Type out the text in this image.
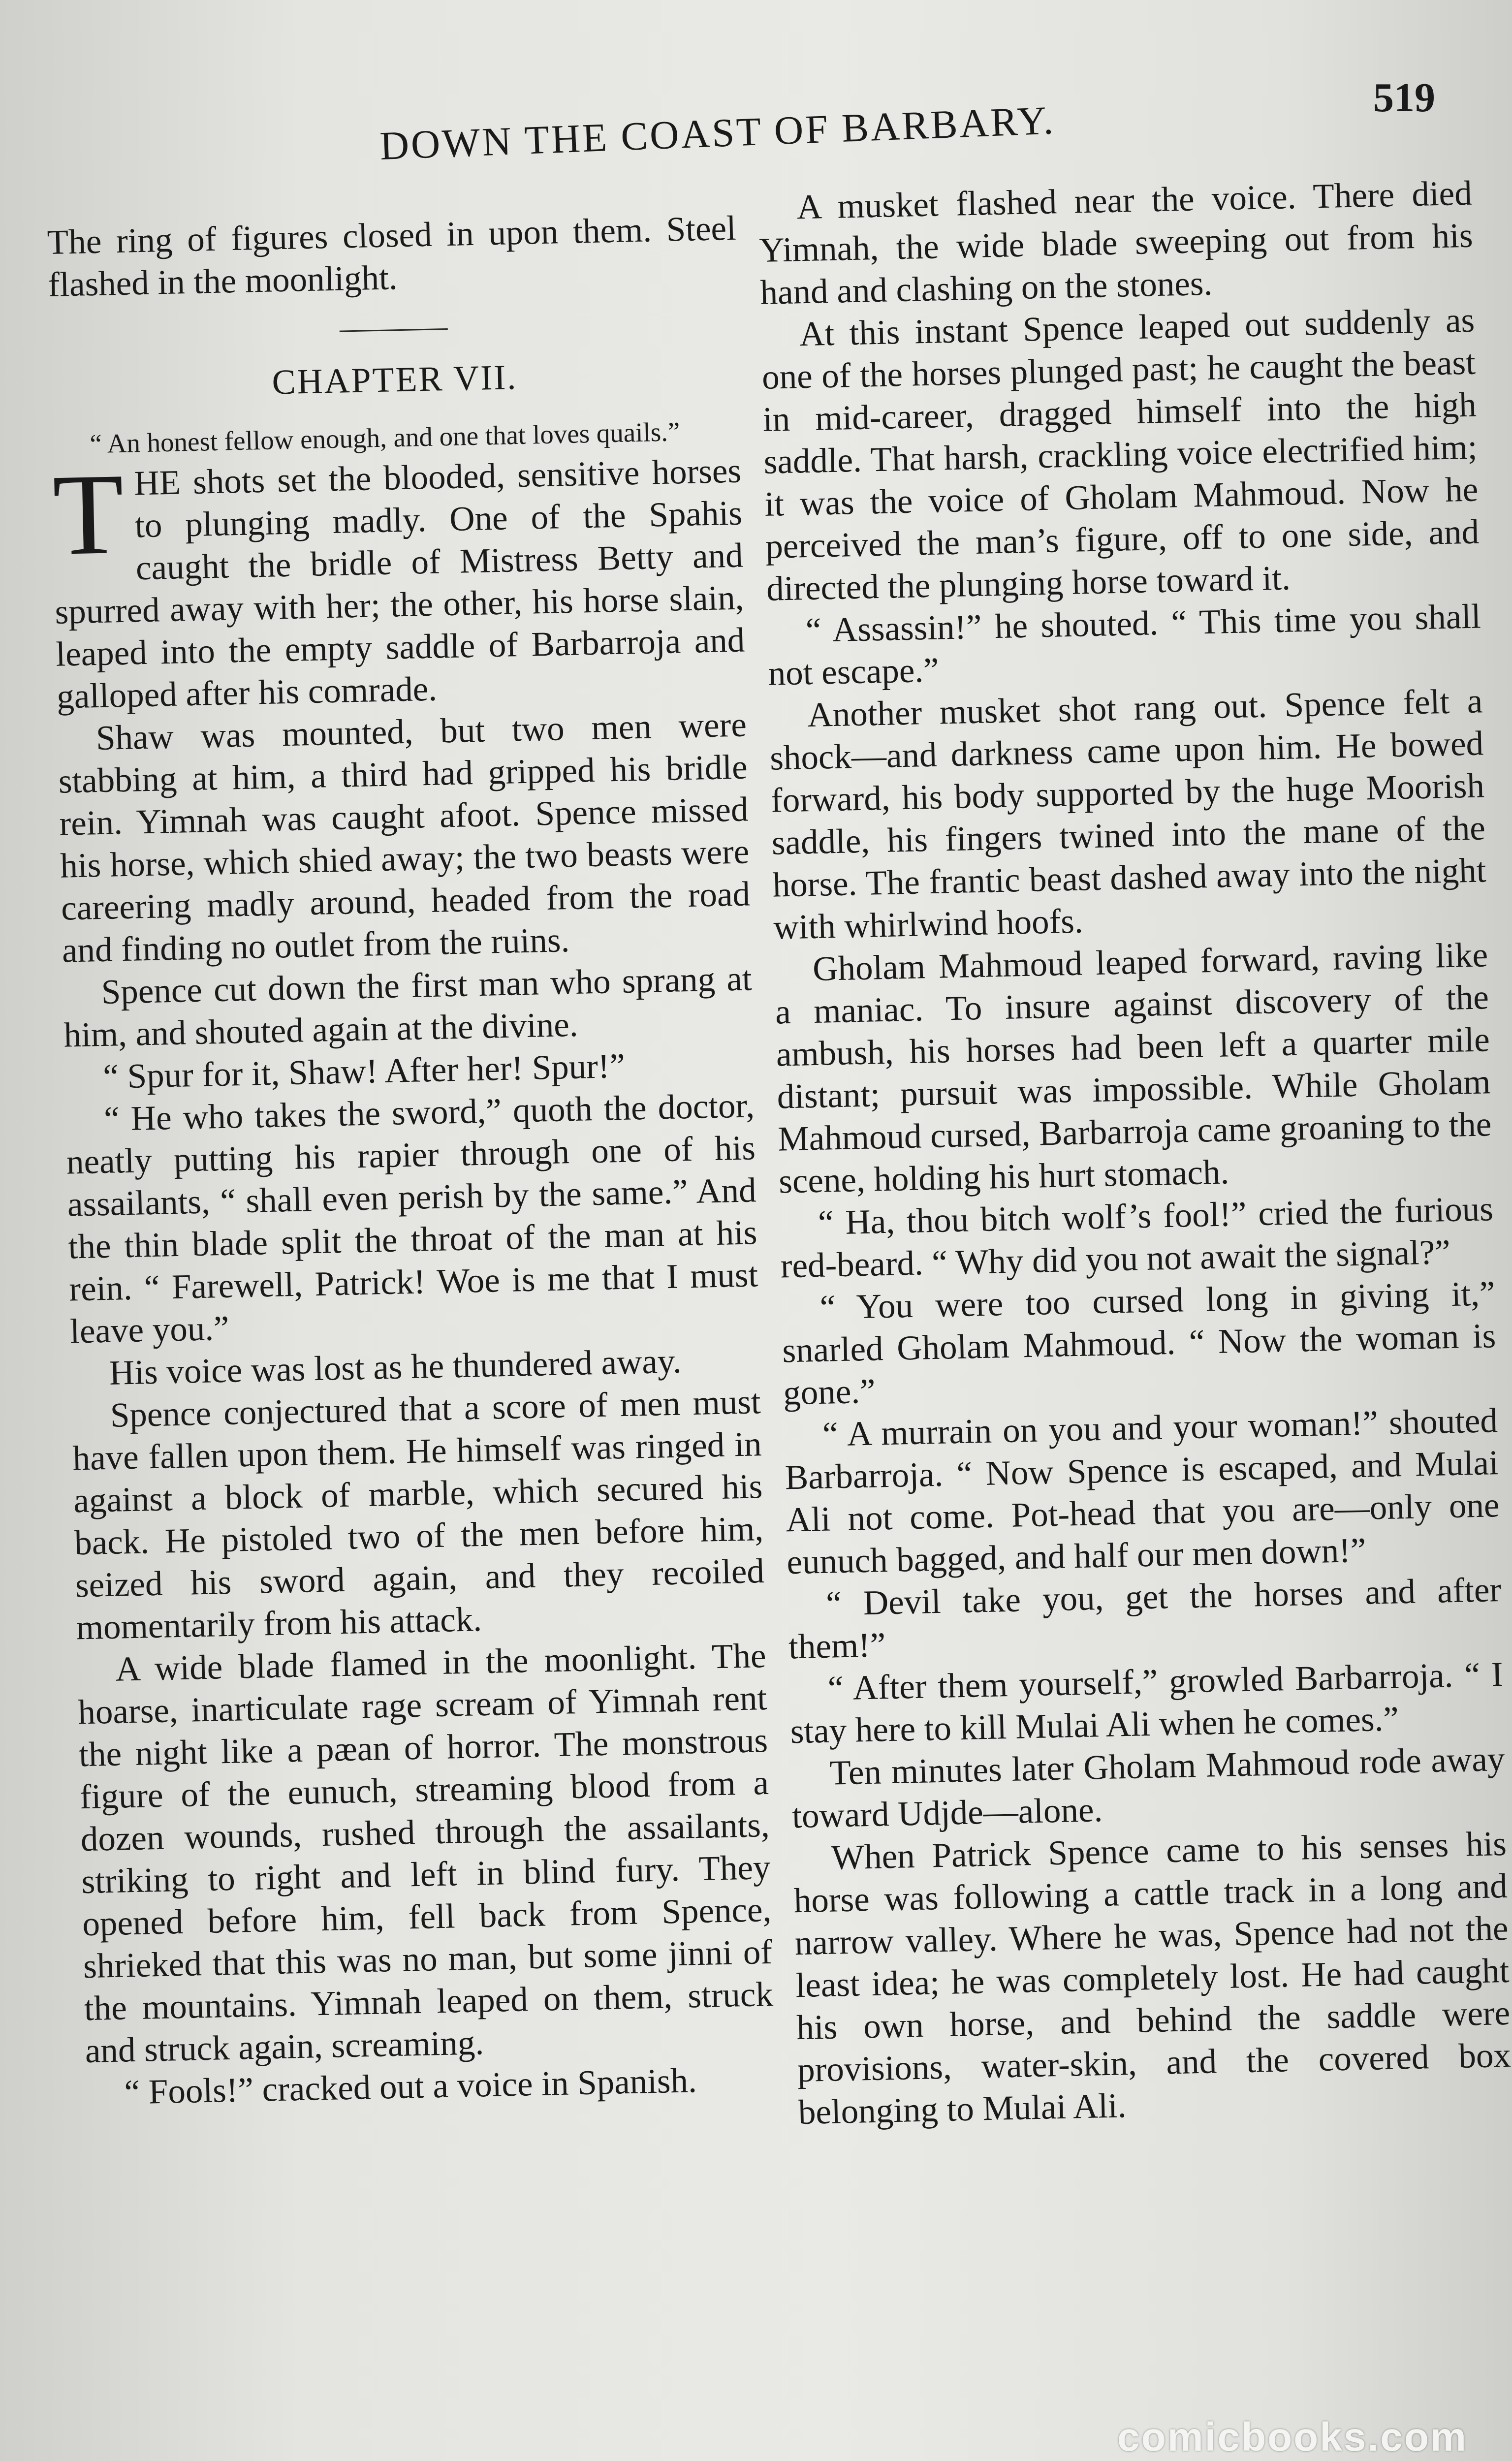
DOWN THE COAST OF BARBARY.	519

The ring of figures closed in upon them. Steel flashed in the moonlight.

CHAPTER VII.

“ An honest fellow enough, and one that loves quails.”

THE shots set the blooded, sensitive horses to plunging madly. One of the Spahis caught the bridle of Mistress Betty and spurred away with her; the other, his horse slain, leaped into the empty saddle of Barbarroja and galloped after his comrade.

Shaw was mounted, but two men were stabbing at him, a third had gripped his bridle rein. Yimnah was caught afoot. Spence missed his horse, which shied away; the two beasts were careering madly around, headed from the road and finding no outlet from the ruins.

Spence cut down the first man who sprang at him, and shouted again at the divine.

“ Spur for it, Shaw! After her! Spur!”

“ He who takes the sword,” quoth the doctor, neatly putting his rapier through one of his assailants, “ shall even perish by the same.” And the thin blade split the throat of the man at his rein. “ Farewell, Patrick! Woe is me that I must leave you.”

His voice was lost as he thundered away.

Spence conjectured that a score of men must have fallen upon them. He himself was ringed in against a block of marble, which secured his back. He pistoled two of the men before him, seized his sword again, and they recoiled momentarily from his attack.

A wide blade flamed in the moonlight. The hoarse, inarticulate rage scream of Yimnah rent the night like a pæan of horror. The monstrous figure of the eunuch, streaming blood from a dozen wounds, rushed through the assailants, striking to right and left in blind fury. They opened before him, fell back from Spence, shrieked that this was no man, but some jinni of the mountains. Yimnah leaped on them, struck and struck again, screaming.

“ Fools!” cracked out a voice in Spanish.

A musket flashed near the voice. There died Yimnah, the wide blade sweeping out from his hand and clashing on the stones.

At this instant Spence leaped out suddenly as one of the horses plunged past; he caught the beast in mid-career, dragged himself into the high saddle. That harsh, crackling voice electrified him; it was the voice of Gholam Mahmoud. Now he perceived the man’s figure, off to one side, and directed the plunging horse toward it.

“ Assassin!” he shouted. “ This time you shall not escape.”

Another musket shot rang out. Spence felt a shock—and darkness came upon him. He bowed forward, his body supported by the huge Moorish saddle, his fingers twined into the mane of the horse. The frantic beast dashed away into the night with whirlwind hoofs.

Gholam Mahmoud leaped forward, raving like a maniac. To insure against discovery of the ambush, his horses had been left a quarter mile distant; pursuit was impossible. While Gholam Mahmoud cursed, Barbarroja came groaning to the scene, holding his hurt stomach.

“ Ha, thou bitch wolf’s fool!” cried the furious red-beard. “ Why did you not await the signal?”

“ You were too cursed long in giving it,” snarled Gholam Mahmoud. “ Now the woman is gone.”

“ A murrain on you and your woman!” shouted Barbarroja. “ Now Spence is escaped, and Mulai Ali not come. Pot-head that you are—only one eunuch bagged, and half our men down!”

“ Devil take you, get the horses and after them!”

“ After them yourself,” growled Barbarroja. “ I stay here to kill Mulai Ali when he comes.”

Ten minutes later Gholam Mahmoud rode away toward Udjde—alone.

When Patrick Spence came to his senses his horse was following a cattle track in a long and narrow valley. Where he was, Spence had not the least idea; he was completely lost. He had caught his own horse, and behind the saddle were provisions, water-skin, and the covered box belonging to Mulai Ali.

comicbooks.com
